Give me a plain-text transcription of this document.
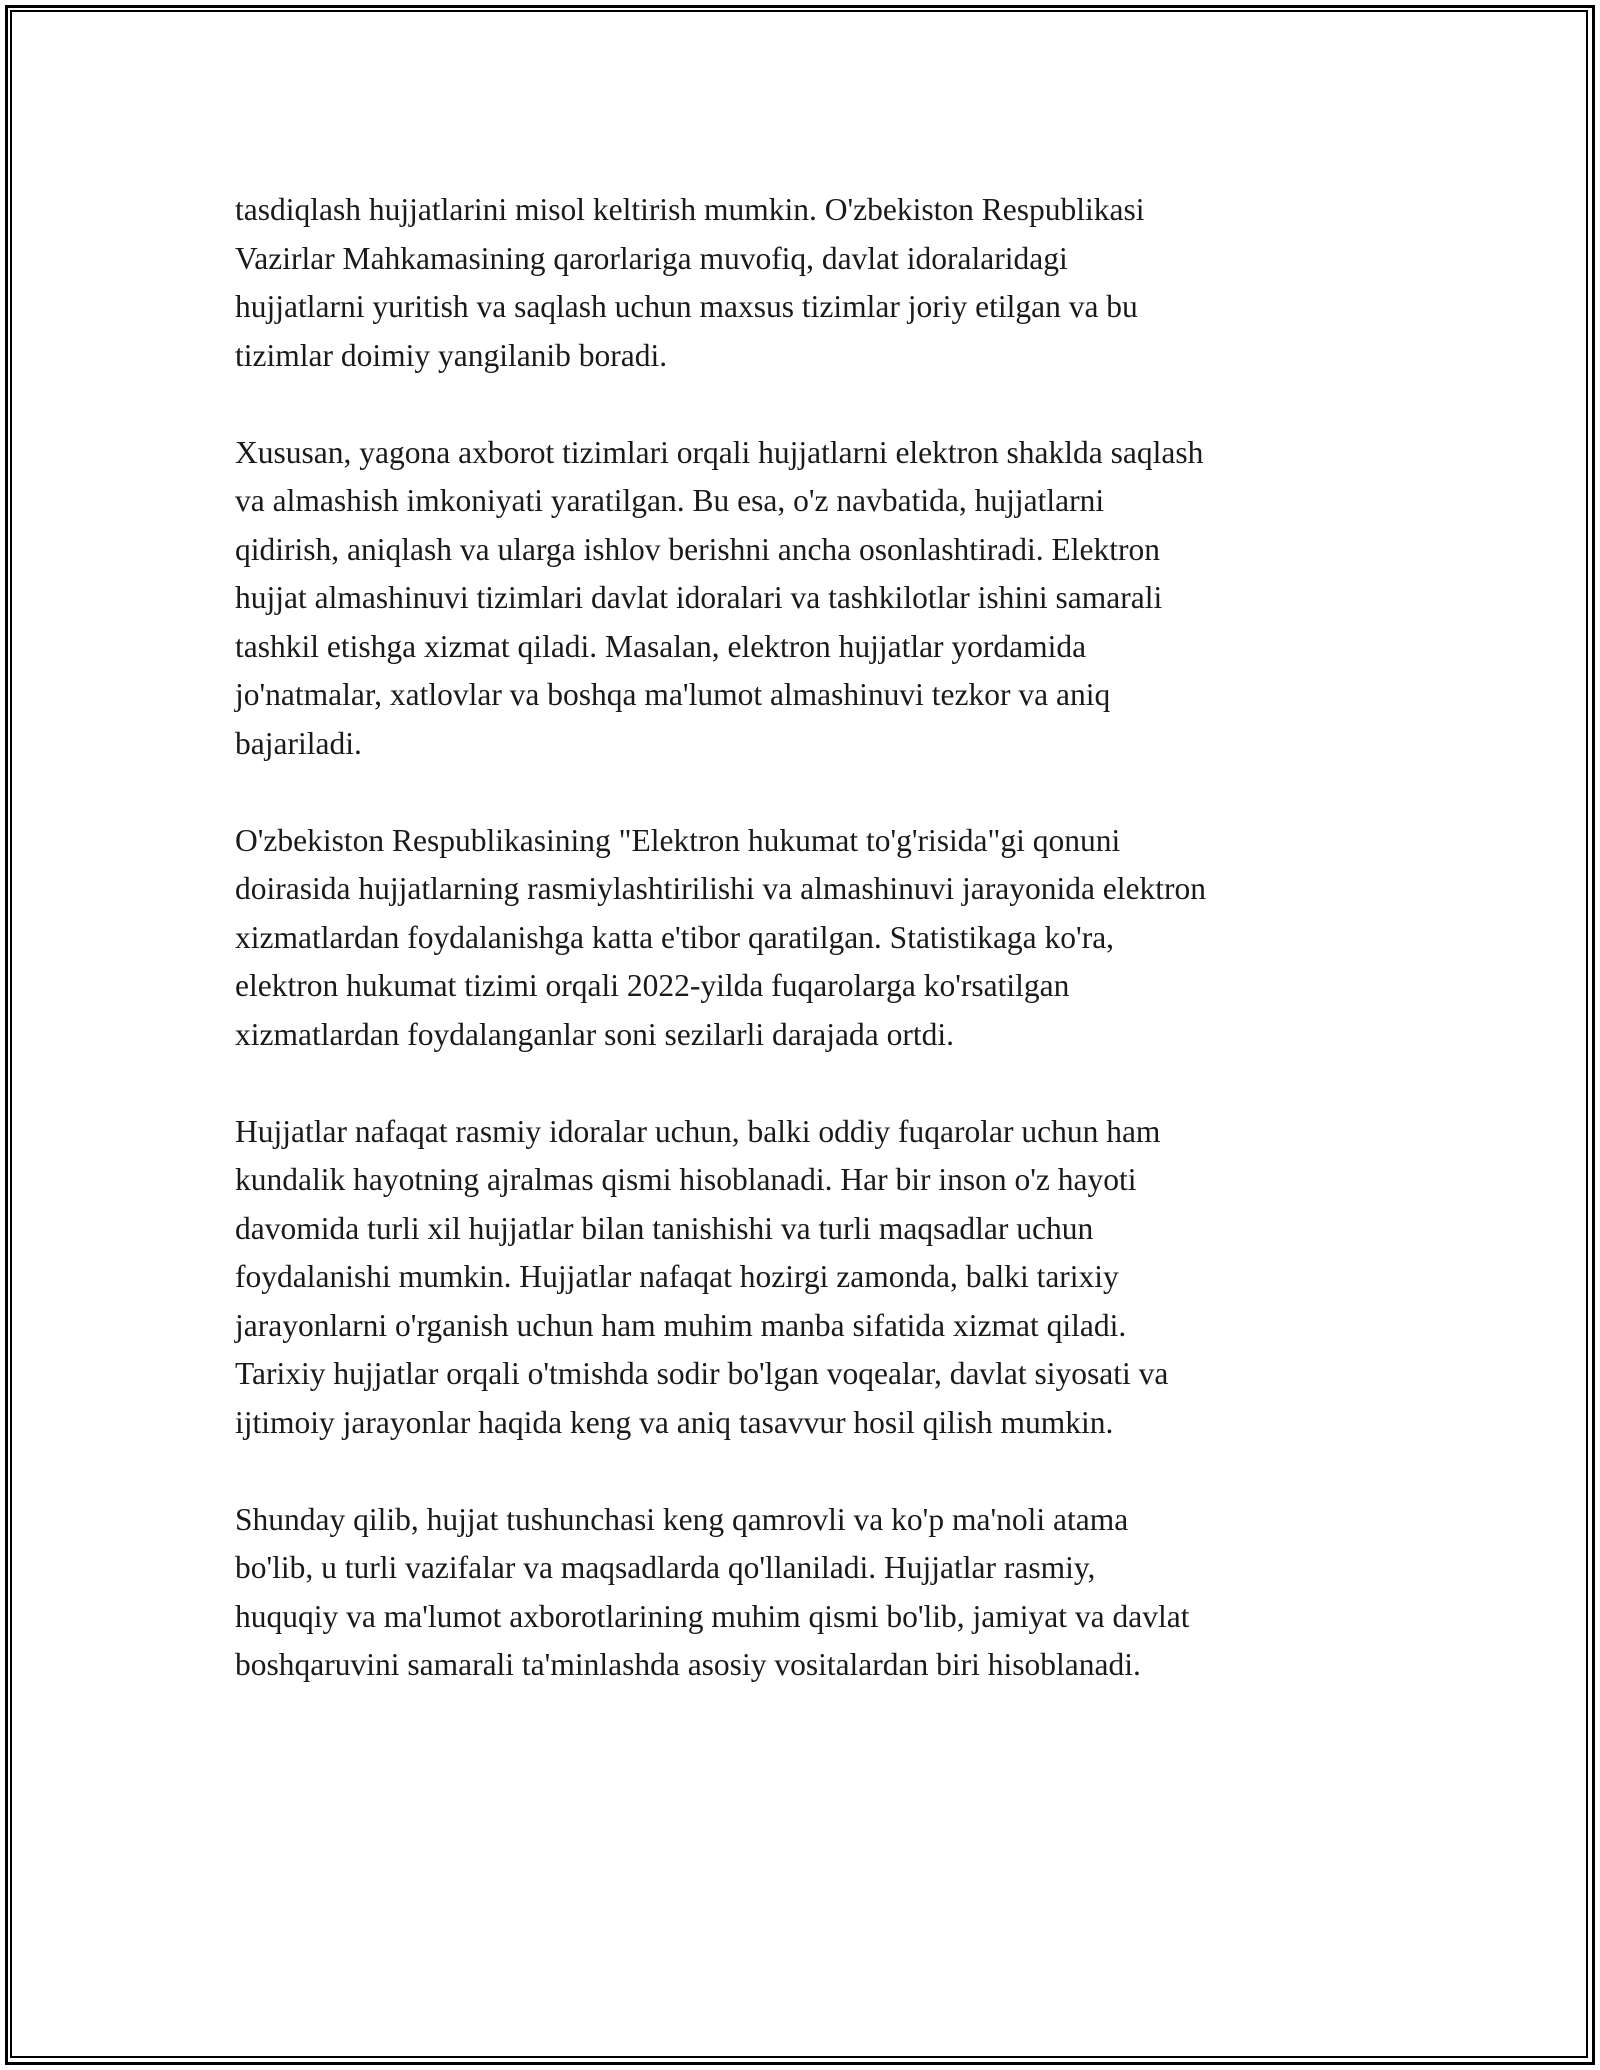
tasdiqlash hujjatlarini misol keltirish mumkin. O'zbekiston Respublikasi
Vazirlar Mahkamasining qarorlariga muvofiq, davlat idoralaridagi
hujjatlarni yuritish va saqlash uchun maxsus tizimlar joriy etilgan va bu
tizimlar doimiy yangilanib boradi.

Xususan, yagona axborot tizimlari orqali hujjatlarni elektron shaklda saqlash
va almashish imkoniyati yaratilgan. Bu esa, o'z navbatida, hujjatlarni
qidirish, aniqlash va ularga ishlov berishni ancha osonlashtiradi. Elektron
hujjat almashinuvi tizimlari davlat idoralari va tashkilotlar ishini samarali
tashkil etishga xizmat qiladi. Masalan, elektron hujjatlar yordamida
jo'natmalar, xatlovlar va boshqa ma'lumot almashinuvi tezkor va aniq
bajariladi.

O'zbekiston Respublikasining "Elektron hukumat to'g'risida"gi qonuni
doirasida hujjatlarning rasmiylashtirilishi va almashinuvi jarayonida elektron
xizmatlardan foydalanishga katta e'tibor qaratilgan. Statistikaga ko'ra,
elektron hukumat tizimi orqali 2022-yilda fuqarolarga ko'rsatilgan
xizmatlardan foydalanganlar soni sezilarli darajada ortdi.

Hujjatlar nafaqat rasmiy idoralar uchun, balki oddiy fuqarolar uchun ham
kundalik hayotning ajralmas qismi hisoblanadi. Har bir inson o'z hayoti
davomida turli xil hujjatlar bilan tanishishi va turli maqsadlar uchun
foydalanishi mumkin. Hujjatlar nafaqat hozirgi zamonda, balki tarixiy
jarayonlarni o'rganish uchun ham muhim manba sifatida xizmat qiladi.
Tarixiy hujjatlar orqali o'tmishda sodir bo'lgan voqealar, davlat siyosati va
ijtimoiy jarayonlar haqida keng va aniq tasavvur hosil qilish mumkin.

Shunday qilib, hujjat tushunchasi keng qamrovli va ko'p ma'noli atama
bo'lib, u turli vazifalar va maqsadlarda qo'llaniladi. Hujjatlar rasmiy,
huquqiy va ma'lumot axborotlarining muhim qismi bo'lib, jamiyat va davlat
boshqaruvini samarali ta'minlashda asosiy vositalardan biri hisoblanadi.
